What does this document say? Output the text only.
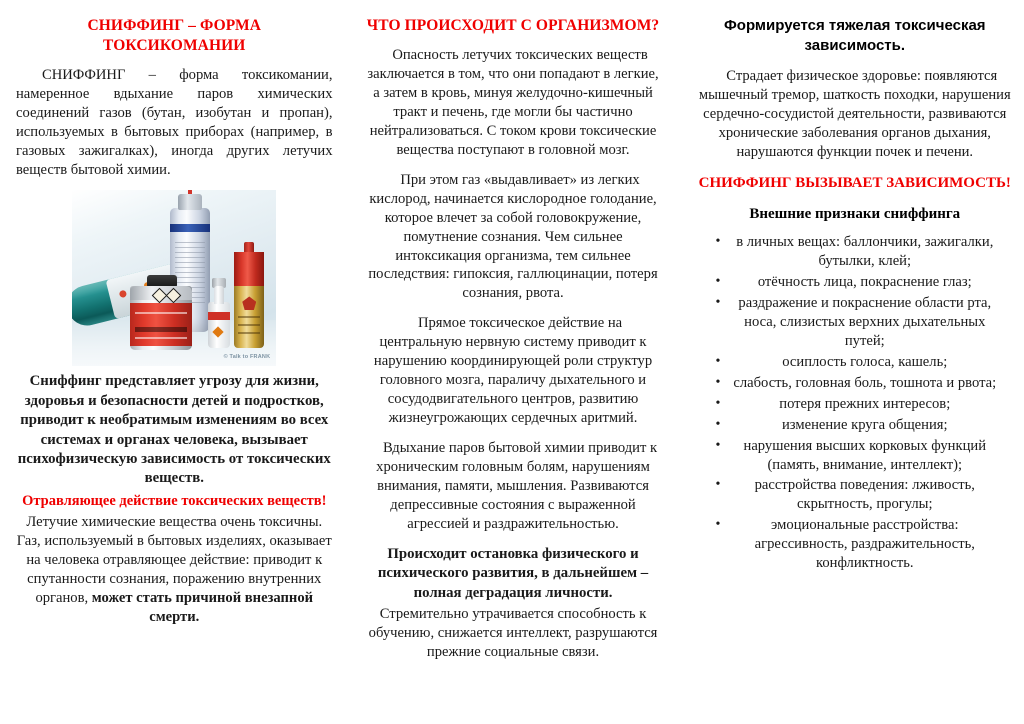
СНИФФИНГ – ФОРМА ТОКСИКОМАНИИ

СНИФФИНГ – форма токсикомании, намеренное вдыхание паров химических соединений газов (бутан, изобутан и пропан), используемых в бытовых приборах (например, в газовых зажигалках), иногда других летучих веществ бытовой химии.

© Talk to FRANK

Сниффинг представляет угрозу для жизни, здоровья и безопасности детей и подростков, приводит к необратимым изменениям во всех системах и органах человека, вызывает психофизическую зависимость от токсических веществ.

Отравляющее действие токсических веществ!

Летучие химические вещества очень токсичны. Газ, используемый в бытовых изделиях, оказывает на человека отравляющее действие: приводит к спутанности сознания, поражению внутренних органов, может стать причиной внезапной смерти.

ЧТО ПРОИСХОДИТ С ОРГАНИЗМОМ?

Опасность летучих токсических веществ заключается в том, что они попадают в легкие, а затем в кровь, минуя желудочно-кишечный тракт и печень, где могли бы частично нейтрализоваться. С током крови токсические вещества поступают в головной мозг.

При этом газ «выдавливает» из легких кислород, начинается кислородное голодание, которое влечет за собой головокружение, помутнение сознания. Чем сильнее интоксикация организма, тем сильнее последствия: гипоксия, галлюцинации, потеря сознания, рвота.

Прямое токсическое действие на центральную нервную систему приводит к нарушению координирующей роли структур головного мозга, параличу дыхательного и сосудодвигательного центров, развитию жизнеугрожающих сердечных аритмий.

Вдыхание паров бытовой химии приводит к хроническим головным болям, нарушениям внимания, памяти, мышления. Развиваются депрессивные состояния с выраженной агрессией и раздражительностью.

Происходит остановка физического и психического развития, в дальнейшем – полная деградация личности.

Стремительно утрачивается способность к обучению, снижается интеллект, разрушаются прежние социальные связи.

Формируется тяжелая токсическая зависимость.

Страдает физическое здоровье: появляются мышечный тремор, шаткость походки, нарушения сердечно-сосудистой деятельности, развиваются хронические заболевания органов дыхания, нарушаются функции почек и печени.

СНИФФИНГ ВЫЗЫВАЕТ ЗАВИСИМОСТЬ!
Внешние признаки сниффинга
• в личных вещах: баллончики, зажигалки, бутылки, клей;
•	отёчность лица, покраснение глаз;
• раздражение и покраснение области рта, носа, слизистых верхних дыхательных путей;
•	осиплость голоса, кашель;
• слабость, головная боль, тошнота и рвота;
•	потеря прежних интересов;
•	изменение круга общения;
• нарушения высших корковых функций (память, внимание, интеллект);
• расстройства поведения: лживость, скрытность, прогулы;
•	эмоциональные расстройства: агрессивность, раздражительность, конфликтность.
